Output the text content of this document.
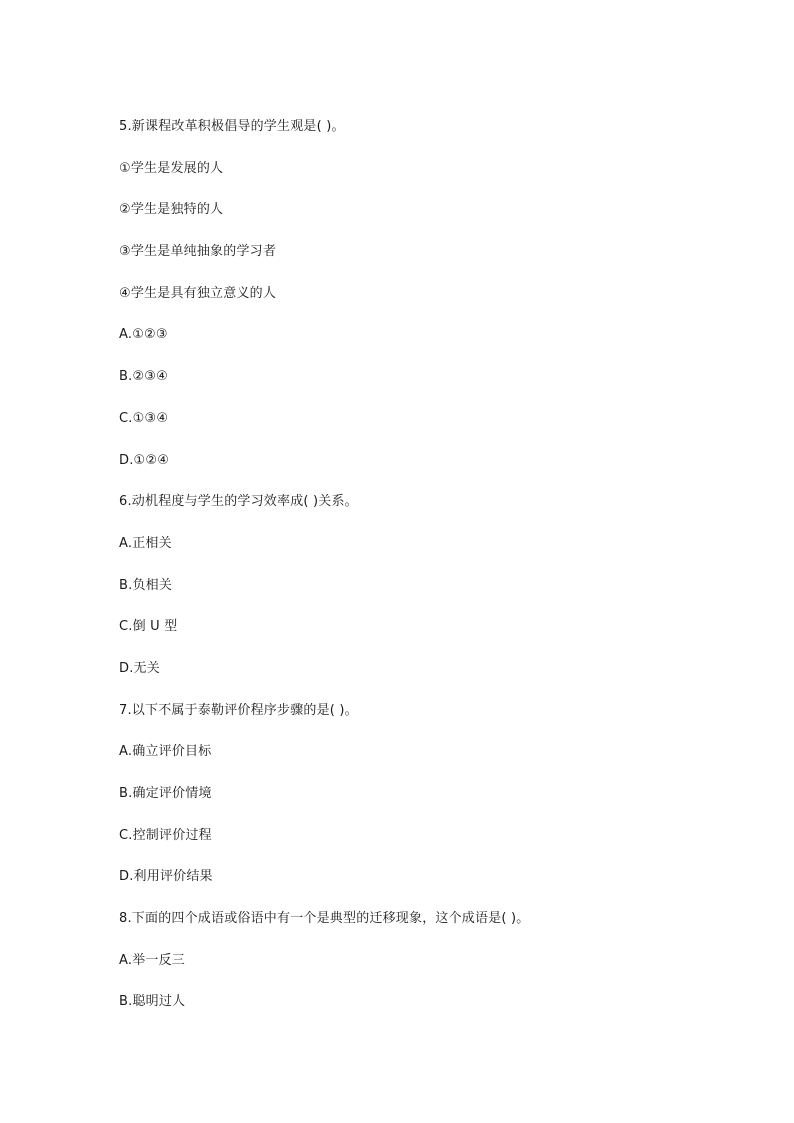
5.新课程改革积极倡导的学生观是( )。
①学生是发展的人
②学生是独特的人
③学生是单纯抽象的学习者
④学生是具有独立意义的人
A.①②③
B.②③④
C.①③④
D.①②④
6.动机程度与学生的学习效率成( )关系。
A.正相关
B.负相关
C.倒 U 型
D.无关
7.以下不属于泰勒评价程序步骤的是( )。
A.确立评价目标
B.确定评价情境
C.控制评价过程
D.利用评价结果
8.下面的四个成语或俗语中有一个是典型的迁移现象，这个成语是( )。
A.举一反三
B.聪明过人
